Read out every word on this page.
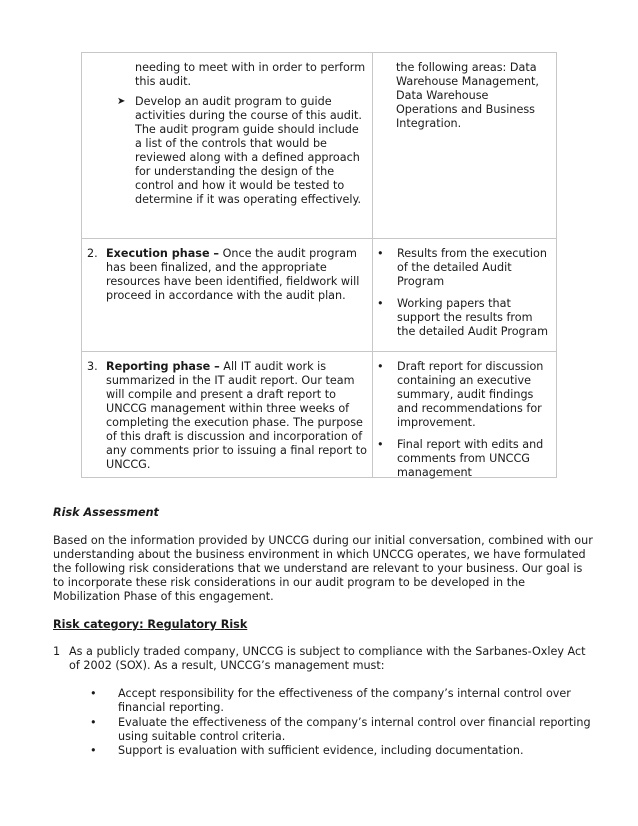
needing to meet with in order to perform this audit.

➤ Develop an audit program to guide activities during the course of this audit. The audit program guide should include a list of the controls that would be reviewed along with a defined approach for understanding the design of the control and how it would be tested to determine if it was operating effectively.

the following areas: Data Warehouse Management, Data Warehouse Operations and Business Integration.

2. Execution phase – Once the audit program has been finalized, and the appropriate resources have been identified, fieldwork will proceed in accordance with the audit plan.

• Results from the execution of the detailed Audit Program
• Working papers that support the results from the detailed Audit Program
3. Reporting phase – All IT audit work is summarized in the IT audit report. Our team will compile and present a draft report to UNCCG management within three weeks of completing the execution phase. The purpose of this draft is discussion and incorporation of any comments prior to issuing a final report to UNCCG.

• Draft report for discussion containing an executive summary, audit findings and recommendations for improvement.
• Final report with edits and comments from UNCCG management

Risk Assessment

Based on the information provided by UNCCG during our initial conversation, combined with our understanding about the business environment in which UNCCG operates, we have formulated the following risk considerations that we understand are relevant to your business. Our goal is to incorporate these risk considerations in our audit program to be developed in the Mobilization Phase of this engagement.

Risk category: Regulatory Risk

1 As a publicly traded company, UNCCG is subject to compliance with the Sarbanes-Oxley Act of 2002 (SOX). As a result, UNCCG’s management must:

• Accept responsibility for the effectiveness of the company’s internal control over financial reporting.
• Evaluate the effectiveness of the company’s internal control over financial reporting using suitable control criteria.
• Support is evaluation with sufficient evidence, including documentation.
